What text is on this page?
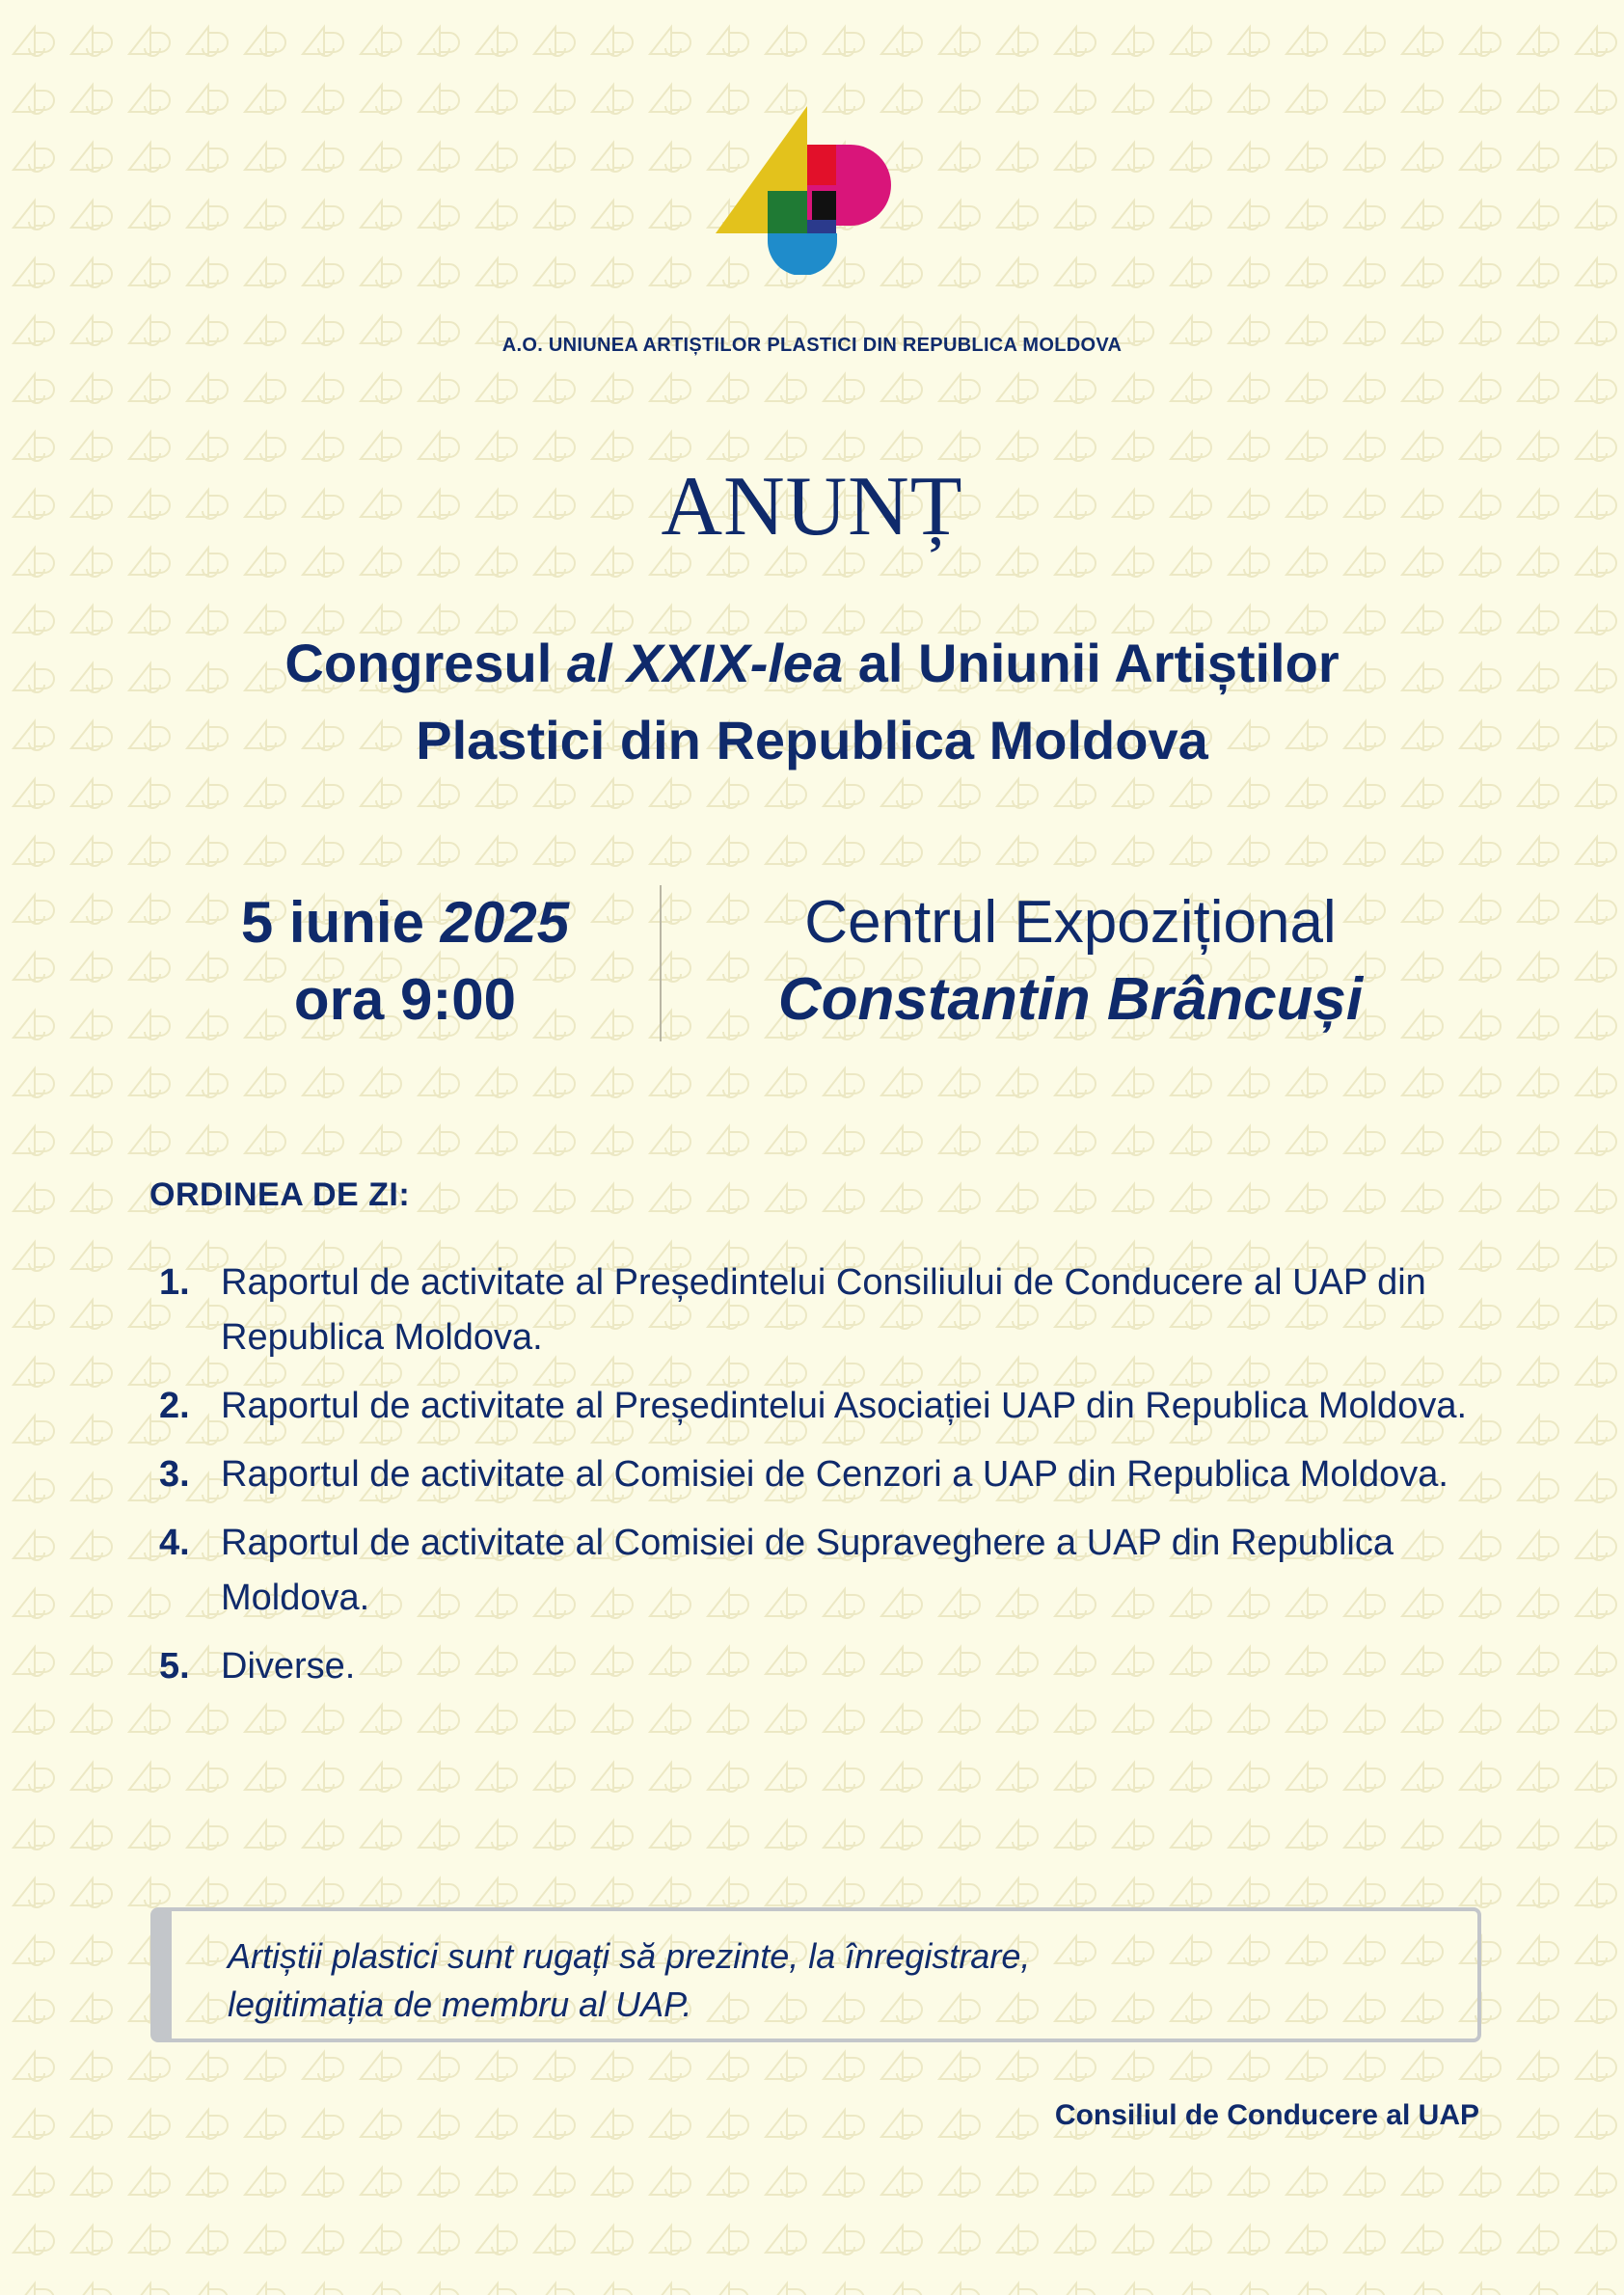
A.O. UNIUNEA ARTIȘTILOR PLASTICI DIN REPUBLICA MOLDOVA
ANUNȚ
Congresul al XXIX-lea al Uniunii Artiștilor
Plastici din Republica Moldova
5 iunie 2025
ora 9:00
Centrul Expozițional
Constantin Brâncuși
ORDINEA DE ZI:
1. Raportul de activitate al Președintelui Consiliului de Conducere al UAP din Republica Moldova.
2. Raportul de activitate al Președintelui Asociației UAP din Republica Moldova.
3. Raportul de activitate al Comisiei de Cenzori a UAP din Republica Moldova.
4. Raportul de activitate al Comisiei de Supraveghere a UAP din Republica Moldova.
5. Diverse.
Artiștii plastici sunt rugați să prezinte, la înregistrare,
legitimația de membru al UAP.
Consiliul de Conducere al UAP
